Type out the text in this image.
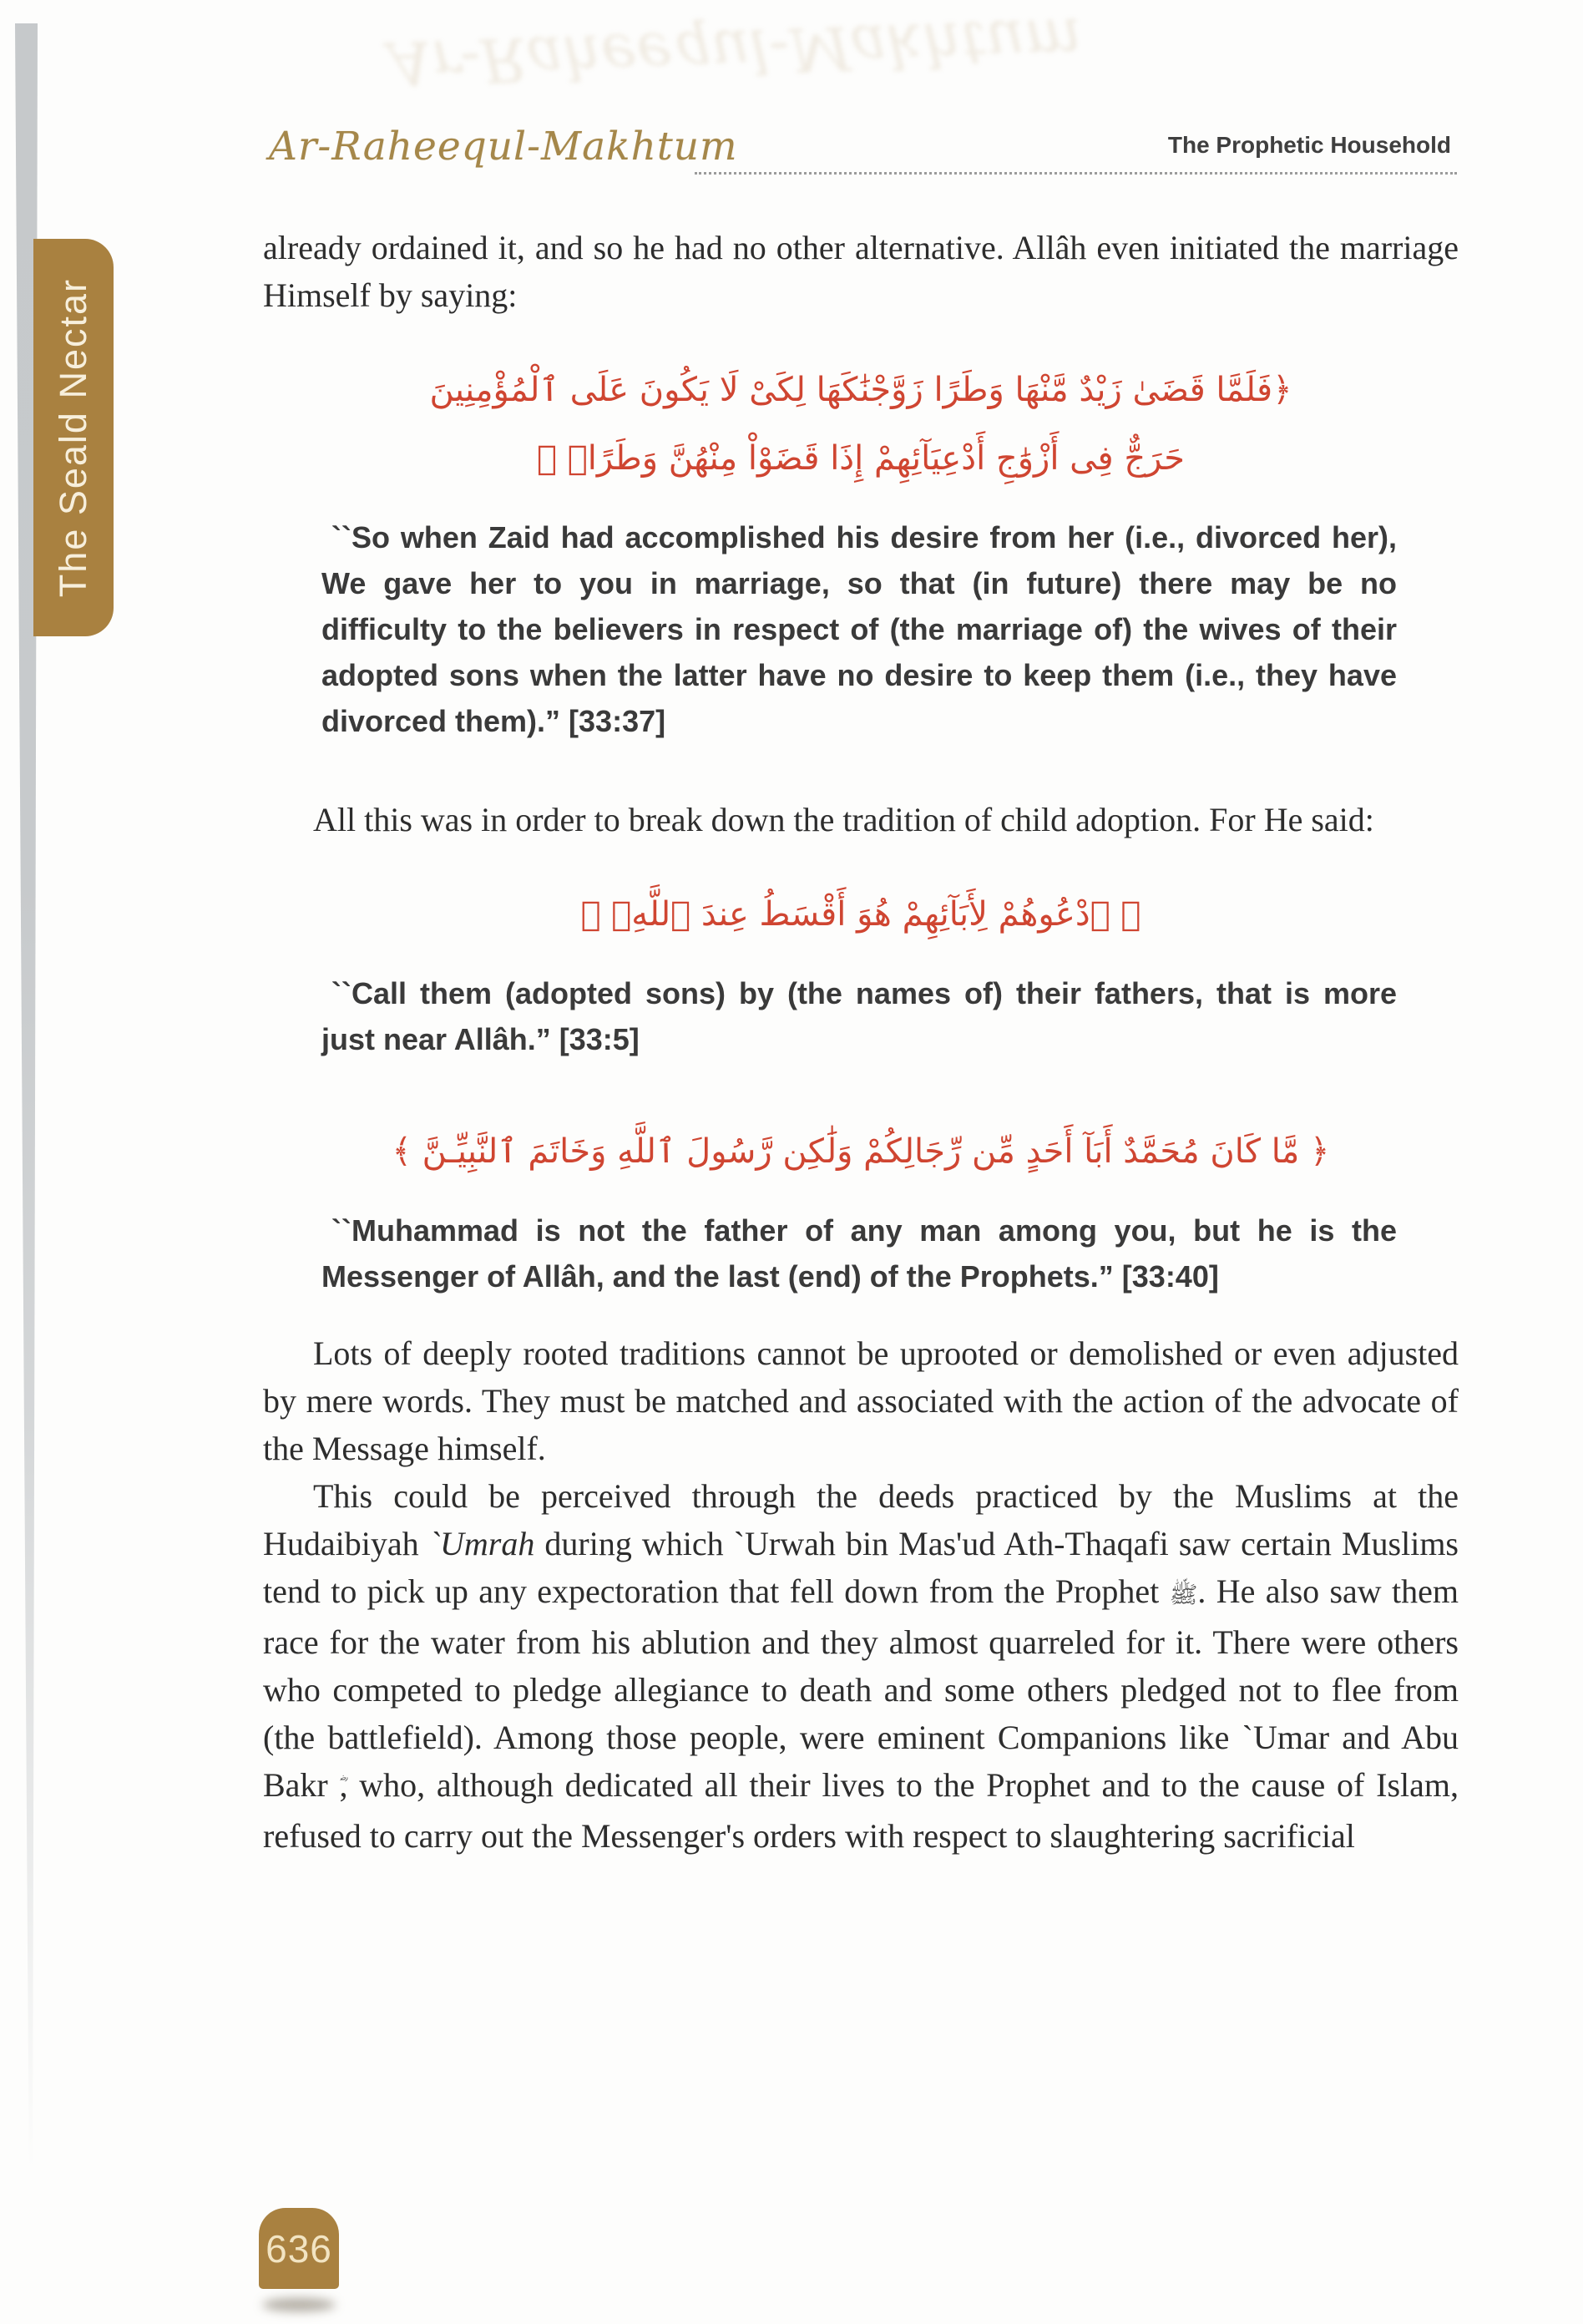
Ar-Raheequl-Makhtum
Ar-Raheequl-Makhtum	The Prophetic Household
The Seald Nectar
already ordained it, and so he had no other alternative. Allâh even initiated the marriage Himself by saying:
﴿فَلَمَّا قَضَىٰ زَيْدٌ مَّنْهَا وَطَرًا زَوَّجْنَٰكَهَا لِكَىْ لَا يَكُونَ عَلَى ٱلْمُؤْمِنِينَ
حَرَجٌّ فِى أَزْوَٰجِ أَدْعِيَآئِهِمْ إِذَا قَضَوْاْ مِنْهُنَّ وَطَرًاۚ ﴾
``So when Zaid had accomplished his desire from her (i.e., divorced her), We gave her to you in marriage, so that (in future) there may be no difficulty to the believers in respect of (the marriage of) the wives of their adopted sons when the latter have no desire to keep them (i.e., they have divorced them).” [33:37]
All this was in order to break down the tradition of child adoption. For He said:
﴿ ٱدْعُوهُمْ لِأَبَآئِهِمْ هُوَ أَقْسَطُ عِندَ ٱللَّهِۚ ﴾
``Call them (adopted sons) by (the names of) their fathers, that is more just near Allâh.” [33:5]
﴿ مَّا كَانَ مُحَمَّدٌ أَبَآ أَحَدٍ مِّن رِّجَالِكُمْ وَلَٰكِن رَّسُولَ ٱللَّهِ وَخَاتَمَ ٱلنَّبِيِّـنَّ ﴾
``Muhammad is not the father of any man among you, but he is the Messenger of Allâh, and the last (end) of the Prophets.” [33:40]
Lots of deeply rooted traditions cannot be uprooted or demolished or even adjusted by mere words. They must be matched and associated with the action of the advocate of the Message himself.
This could be perceived through the deeds practiced by the Muslims at the Hudaibiyah `Umrah during which `Urwah bin Mas'ud Ath-Thaqafi saw certain Muslims tend to pick up any expectoration that fell down from the Prophet ﷺ. He also saw them race for the water from his ablution and they almost quarreled for it. There were others who competed to pledge allegiance to death and some others pledged not to flee from (the battlefield). Among those people, were eminent Companions like `Umar and Abu Bakr , who, although dedicated all their lives to the Prophet and to the cause of Islam, refused to carry out the Messenger's orders with respect to slaughtering sacrificial
636
